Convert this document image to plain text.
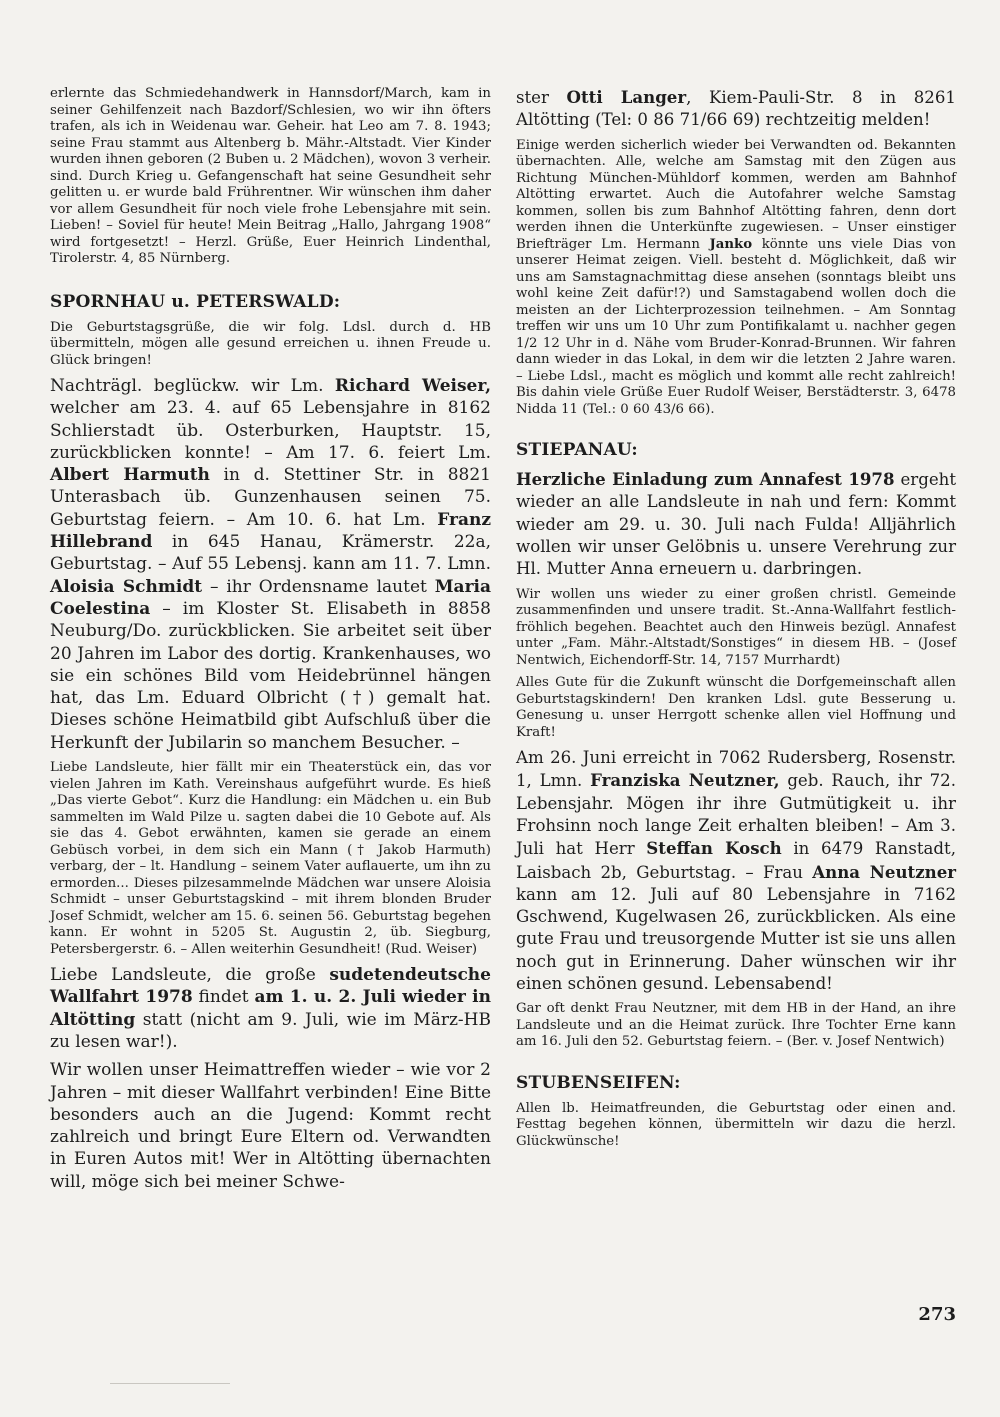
erlernte das Schmiedehandwerk in Hannsdorf/March, kam in seiner Gehilfenzeit nach Bazdorf/Schlesien, wo wir ihn öfters trafen, als ich in Weidenau war. Geheir. hat Leo am 7. 8. 1943; seine Frau stammt aus Altenberg b. Mähr.-Altstadt. Vier Kinder wurden ihnen geboren (2 Buben u. 2 Mädchen), wovon 3 verheir. sind. Durch Krieg u. Gefangenschaft hat seine Gesundheit sehr gelitten u. er wurde bald Frührentner. Wir wünschen ihm daher vor allem Gesundheit für noch viele frohe Lebensjahre mit sein. Lieben! – Soviel für heute! Mein Beitrag „Hallo, Jahrgang 1908“ wird fortgesetzt! – Herzl. Grüße, Euer Heinrich Lindenthal, Tirolerstr. 4, 85 Nürnberg.

SPORNHAU u. PETERSWALD:

Die Geburtstagsgrüße, die wir folg. Ldsl. durch d. HB übermitteln, mögen alle gesund erreichen u. ihnen Freude u. Glück bringen!

Nachträgl. beglückw. wir Lm. Richard Weiser, welcher am 23. 4. auf 65 Lebensjahre in 8162 Schlierstadt üb. Osterburken, Hauptstr. 15, zurückblicken konnte! – Am 17. 6. feiert Lm. Albert Harmuth in d. Stettiner Str. in 8821 Unterasbach üb. Gunzenhausen seinen 75. Geburtstag feiern. – Am 10. 6. hat Lm. Franz Hillebrand in 645 Hanau, Krämerstr. 22a, Geburtstag. – Auf 55 Lebensj. kann am 11. 7. Lmn. Aloisia Schmidt – ihr Ordensname lautet Maria Coelestina – im Kloster St. Elisabeth in 8858 Neuburg/Do. zurückblicken. Sie arbeitet seit über 20 Jahren im Labor des dortig. Krankenhauses, wo sie ein schönes Bild vom Heidebrünnel hängen hat, das Lm. Eduard Olbricht (†) gemalt hat. Dieses schöne Heimatbild gibt Aufschluß über die Herkunft der Jubilarin so manchem Besucher. –

Liebe Landsleute, hier fällt mir ein Theaterstück ein, das vor vielen Jahren im Kath. Vereinshaus aufgeführt wurde. Es hieß „Das vierte Gebot“. Kurz die Handlung: ein Mädchen u. ein Bub sammelten im Wald Pilze u. sagten dabei die 10 Gebote auf. Als sie das 4. Gebot erwähnten, kamen sie gerade an einem Gebüsch vorbei, in dem sich ein Mann († Jakob Harmuth) verbarg, der – lt. Handlung – seinem Vater auflauerte, um ihn zu ermorden... Dieses pilzesammelnde Mädchen war unsere Aloisia Schmidt – unser Geburtstagskind – mit ihrem blonden Bruder Josef Schmidt, welcher am 15. 6. seinen 56. Geburtstag begehen kann. Er wohnt in 5205 St. Augustin 2, üb. Siegburg, Petersbergerstr. 6. – Allen weiterhin Gesundheit! (Rud. Weiser)

Liebe Landsleute, die große sudetendeutsche Wallfahrt 1978 findet am 1. u. 2. Juli wieder in Altötting statt (nicht am 9. Juli, wie im März-HB zu lesen war!).

Wir wollen unser Heimattreffen wieder – wie vor 2 Jahren – mit dieser Wallfahrt verbinden! Eine Bitte besonders auch an die Jugend: Kommt recht zahlreich und bringt Eure Eltern od. Verwandten in Euren Autos mit! Wer in Altötting übernachten will, möge sich bei meiner Schwe-

ster Otti Langer, Kiem-Pauli-Str. 8 in 8261 Altötting (Tel: 0 86 71/66 69) rechtzeitig melden!

Einige werden sicherlich wieder bei Verwandten od. Bekannten übernachten. Alle, welche am Samstag mit den Zügen aus Richtung München-Mühldorf kommen, werden am Bahnhof Altötting erwartet. Auch die Autofahrer welche Samstag kommen, sollen bis zum Bahnhof Altötting fahren, denn dort werden ihnen die Unterkünfte zugewiesen. – Unser einstiger Briefträger Lm. Hermann Janko könnte uns viele Dias von unserer Heimat zeigen. Viell. besteht d. Möglichkeit, daß wir uns am Samstagnachmittag diese ansehen (sonntags bleibt uns wohl keine Zeit dafür!?) und Samstagabend wollen doch die meisten an der Lichterprozession teilnehmen. – Am Sonntag treffen wir uns um 10 Uhr zum Pontifikalamt u. nachher gegen 1/2 12 Uhr in d. Nähe vom Bruder-Konrad-Brunnen. Wir fahren dann wieder in das Lokal, in dem wir die letzten 2 Jahre waren. – Liebe Ldsl., macht es möglich und kommt alle recht zahlreich! Bis dahin viele Grüße Euer Rudolf Weiser, Berstädterstr. 3, 6478 Nidda 11 (Tel.: 0 60 43/6 66).

STIEPANAU:

Herzliche Einladung zum Annafest 1978 ergeht wieder an alle Landsleute in nah und fern: Kommt wieder am 29. u. 30. Juli nach Fulda! Alljährlich wollen wir unser Gelöbnis u. unsere Verehrung zur Hl. Mutter Anna erneuern u. darbringen.

Wir wollen uns wieder zu einer großen christl. Gemeinde zusammenfinden und unsere tradit. St.-Anna-Wallfahrt festlich-fröhlich begehen. Beachtet auch den Hinweis bezügl. Annafest unter „Fam. Mähr.-Altstadt/Sonstiges“ in diesem HB. – (Josef Nentwich, Eichendorff-Str. 14, 7157 Murrhardt)

Alles Gute für die Zukunft wünscht die Dorfgemeinschaft allen Geburtstagskindern! Den kranken Ldsl. gute Besserung u. Genesung u. unser Herrgott schenke allen viel Hoffnung und Kraft!

Am 26. Juni erreicht in 7062 Rudersberg, Rosenstr. 1, Lmn. Franziska Neutzner, geb. Rauch, ihr 72. Lebensjahr. Mögen ihr ihre Gutmütigkeit u. ihr Frohsinn noch lange Zeit erhalten bleiben! – Am 3. Juli hat Herr Steffan Kosch in 6479 Ranstadt, Laisbach 2b, Geburtstag. – Frau Anna Neutzner kann am 12. Juli auf 80 Lebensjahre in 7162 Gschwend, Kugelwasen 26, zurückblicken. Als eine gute Frau und treusorgende Mutter ist sie uns allen noch gut in Erinnerung. Daher wünschen wir ihr einen schönen gesund. Lebensabend!

Gar oft denkt Frau Neutzner, mit dem HB in der Hand, an ihre Landsleute und an die Heimat zurück. Ihre Tochter Erne kann am 16. Juli den 52. Geburtstag feiern. – (Ber. v. Josef Nentwich)

STUBENSEIFEN:

Allen lb. Heimatfreunden, die Geburtstag oder einen and. Festtag begehen können, übermitteln wir dazu die herzl. Glückwünsche!

273
